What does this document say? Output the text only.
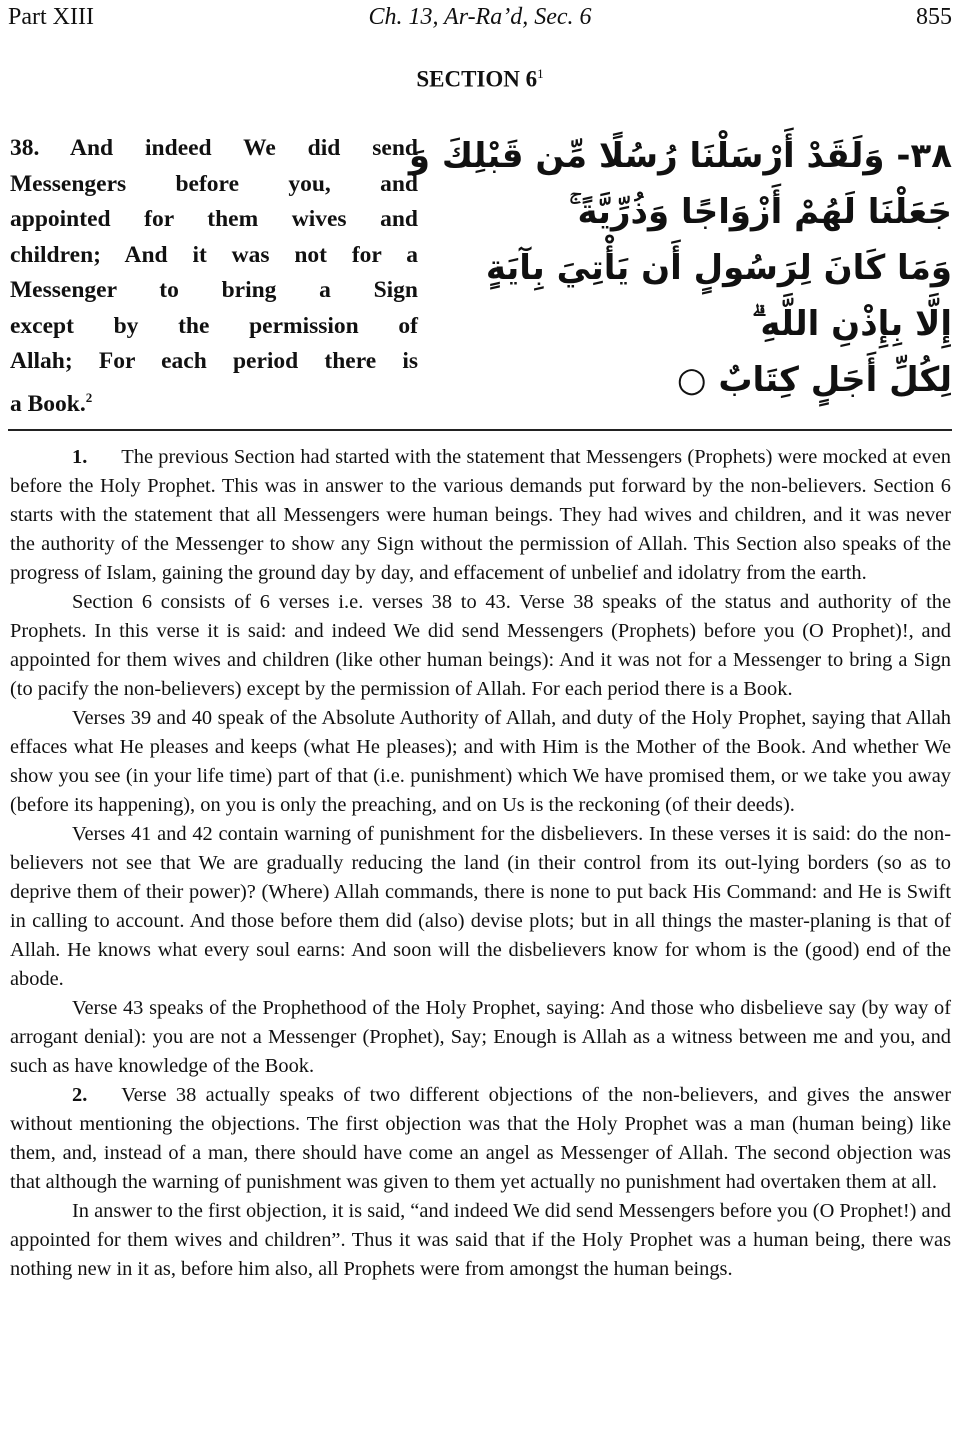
Part XIII	Ch. 13, Ar-Ra’d, Sec. 6	855
SECTION $6^1$
38. And indeed We did send
Messengers before you, and
appointed for them wives and
children; And it was not for a
Messenger to bring a Sign
except by the permission of
Allah; For each period there is
a Book.$^2$
٣٨- وَلَقَدْ أَرْسَلْنَا رُسُلًا مِّن قَبْلِكَ وَ
جَعَلْنَا لَهُمْ أَزْوَاجًا وَذُرِّيَّةً ۚ
وَمَا كَانَ لِرَسُولٍ أَن يَأْتِيَ بِآيَةٍ
إِلَّا بِإِذْنِ اللَّهِ ۗ
لِكُلِّ أَجَلٍ كِتَابٌ ○

1. The previous Section had started with the statement that Messengers (Prophets) were mocked at even before the Holy Prophet. This was in answer to the various demands put forward by the non-believers. Section 6 starts with the statement that all Messengers were human beings. They had wives and children, and it was never the authority of the Messenger to show any Sign without the permission of Allah. This Section also speaks of the progress of Islam, gaining the ground day by day, and effacement of unbelief and idolatry from the earth.

Section 6 consists of 6 verses i.e. verses 38 to 43. Verse 38 speaks of the status and authority of the Prophets. In this verse it is said: and indeed We did send Messengers (Prophets) before you (O Prophet)!, and appointed for them wives and children (like other human beings): And it was not for a Messenger to bring a Sign (to pacify the non-believers) except by the permission of Allah. For each period there is a Book.

Verses 39 and 40 speak of the Absolute Authority of Allah, and duty of the Holy Prophet, saying that Allah effaces what He pleases and keeps (what He pleases); and with Him is the Mother of the Book. And whether We show you see (in your life time) part of that (i.e. punishment) which We have promised them, or we take you away (before its happening), on you is only the preaching, and on Us is the reckoning (of their deeds).

Verses 41 and 42 contain warning of punishment for the disbelievers. In these verses it is said: do the non-believers not see that We are gradually reducing the land (in their control from its out-lying borders (so as to deprive them of their power)? (Where) Allah commands, there is none to put back His Command: and He is Swift in calling to account. And those before them did (also) devise plots; but in all things the master-planing is that of Allah. He knows what every soul earns: And soon will the disbelievers know for whom is the (good) end of the abode.

Verse 43 speaks of the Prophethood of the Holy Prophet, saying: And those who disbelieve say (by way of arrogant denial): you are not a Messenger (Prophet), Say; Enough is Allah as a witness between me and you, and such as have knowledge of the Book.

2. Verse 38 actually speaks of two different objections of the non-believers, and gives the answer without mentioning the objections. The first objection was that the Holy Prophet was a man (human being) like them, and, instead of a man, there should have come an angel as Messenger of Allah. The second objection was that although the warning of punishment was given to them yet actually no punishment had overtaken them at all.

In answer to the first objection, it is said, “and indeed We did send Messengers before you (O Prophet!) and appointed for them wives and children”. Thus it was said that if the Holy Prophet was a human being, there was nothing new in it as, before him also, all Prophets were from amongst the human beings.
